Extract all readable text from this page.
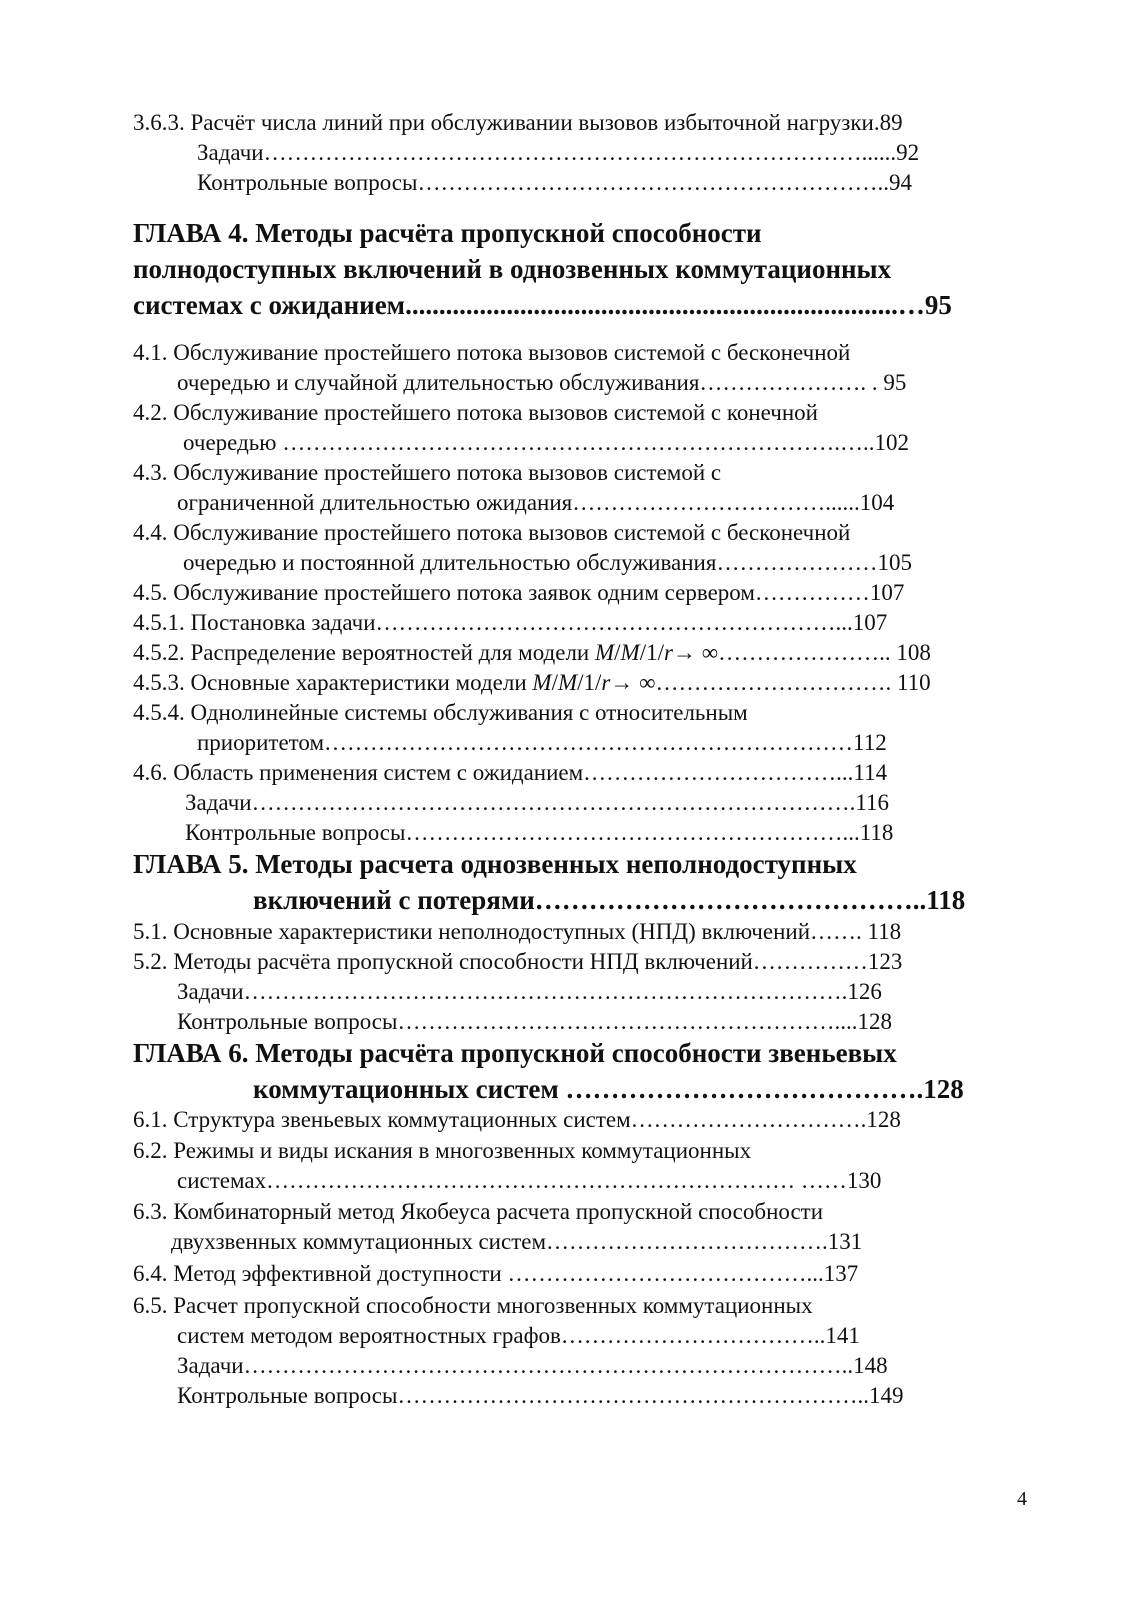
3.6.3. Расчёт числа линий при обслуживании вызовов избыточной нагрузки.89
Задачи……………………………………………………………………......92
Контрольные вопросы……………………………………………………..94
ГЛАВА 4. Методы расчёта пропускной способности
полнодоступных включений в однозвенных коммутационных
системах с ожиданием.........................................................................…95
4.1. Обслуживание простейшего потока вызовов системой с бесконечной
очередью и случайной длительностью обслуживания…………………. . 95
4.2. Обслуживание простейшего потока вызовов системой с конечной
очередью ……………………………………………………………….…..102
4.3. Обслуживание простейшего потока вызовов системой с
ограниченной длительностью ожидания……………………………......104
4.4. Обслуживание простейшего потока вызовов системой с бесконечной
очередью и постоянной длительностью обслуживания…………………105
4.5. Обслуживание простейшего потока заявок одним сервером……………107
4.5.1. Постановка задачи……………………………………………………...107
4.5.2. Распределение вероятностей для модели M/M/1/r→ ∞………………….. 108
4.5.3. Основные характеристики модели M/M/1/r→ ∞…………………………. 110
4.5.4. Однолинейные системы обслуживания с относительным
приоритетом……………………………………………………………112
4.6. Область применения систем с ожиданием……………………………...114
Задачи…………………………………………………………………….116
Контрольные вопросы…………………………………………………...118
ГЛАВА 5. Методы расчета однозвенных неполнодоступных
включений с потерями……………………………………..118
5.1. Основные характеристики неполнодоступных (НПД) включений……. 118
5.2. Методы расчёта пропускной способности НПД включений……………123
Задачи…………………………………………………………………….126
Контрольные вопросы…………………………………………………....128
ГЛАВА 6. Методы расчёта пропускной способности звеньевых
коммутационных систем ………………………………….128
6.1. Структура звеньевых коммутационных систем………………………….128
6.2. Режимы и виды искания в многозвенных коммутационных
системах…………………………………………………………… ……130
6.3. Комбинаторный метод Якобеуса расчета пропускной способности
двухзвенных коммутационных систем……………………………….131
6.4. Метод эффективной доступности …………………………………...137
6.5. Расчет пропускной способности многозвенных коммутационных
систем методом вероятностных графов……………………………..141
Задачи……………………………………………………………………..148
Контрольные вопросы……………………………………………………..149
4
